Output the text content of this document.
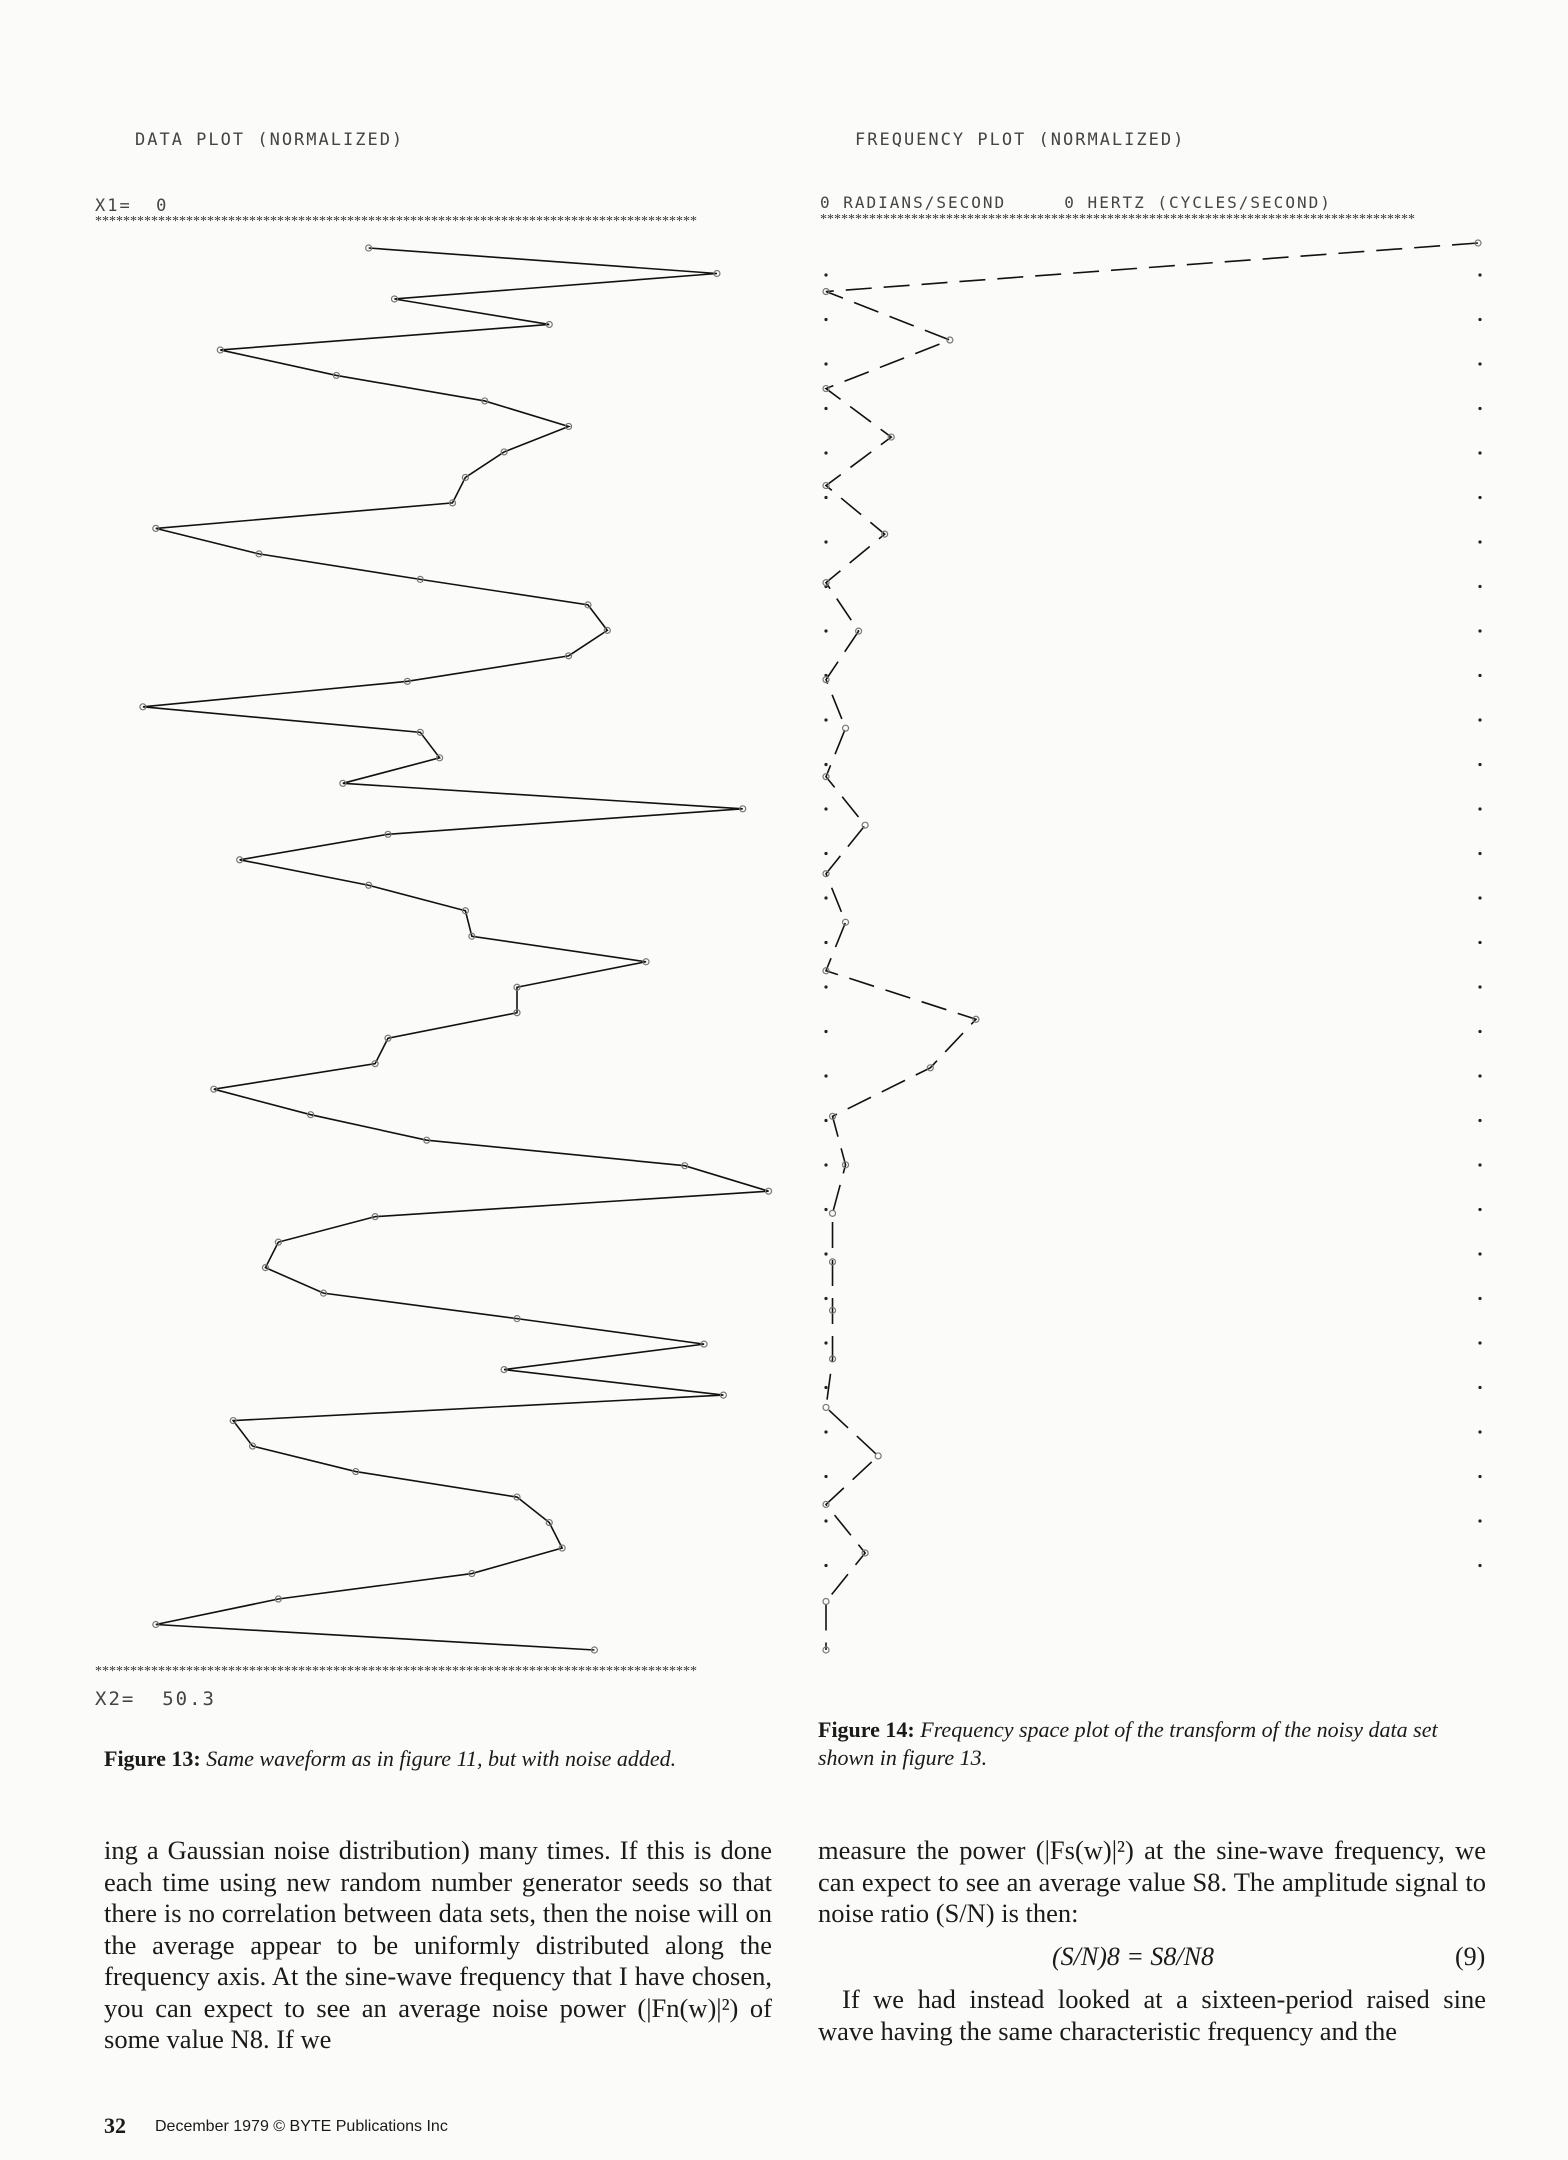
DATA PLOT (NORMALIZED)
X1=  0
**************************************************************************************
**************************************************************************************
X2=  50.3
Figure 13: Same waveform as in figure 11, but with noise added.
FREQUENCY PLOT (NORMALIZED)
0 RADIANS/SECOND     0 HERTZ (CYCLES/SECOND)
*************************************************************************************
Figure 14: Frequency space plot of the transform of the noisy data set shown in figure 13.

ing a Gaussian noise distribution) many times. If this is done each time using new random number generator seeds so that there is no correlation between data sets, then the noise will on the average appear to be uniformly distributed along the frequency axis. At the sine-wave frequency that I have chosen, you can expect to see an average noise power (|Fn(w)|²) of some value N8. If we

measure the power (|Fs(w)|²) at the sine-wave frequency, we can expect to see an average value S8. The amplitude signal to noise ratio (S/N) is then:

(S/N)8 = S8/N8	(9)

If we had instead looked at a sixteen-period raised sine wave having the same characteristic frequency and the

32 December 1979 © BYTE Publications Inc
